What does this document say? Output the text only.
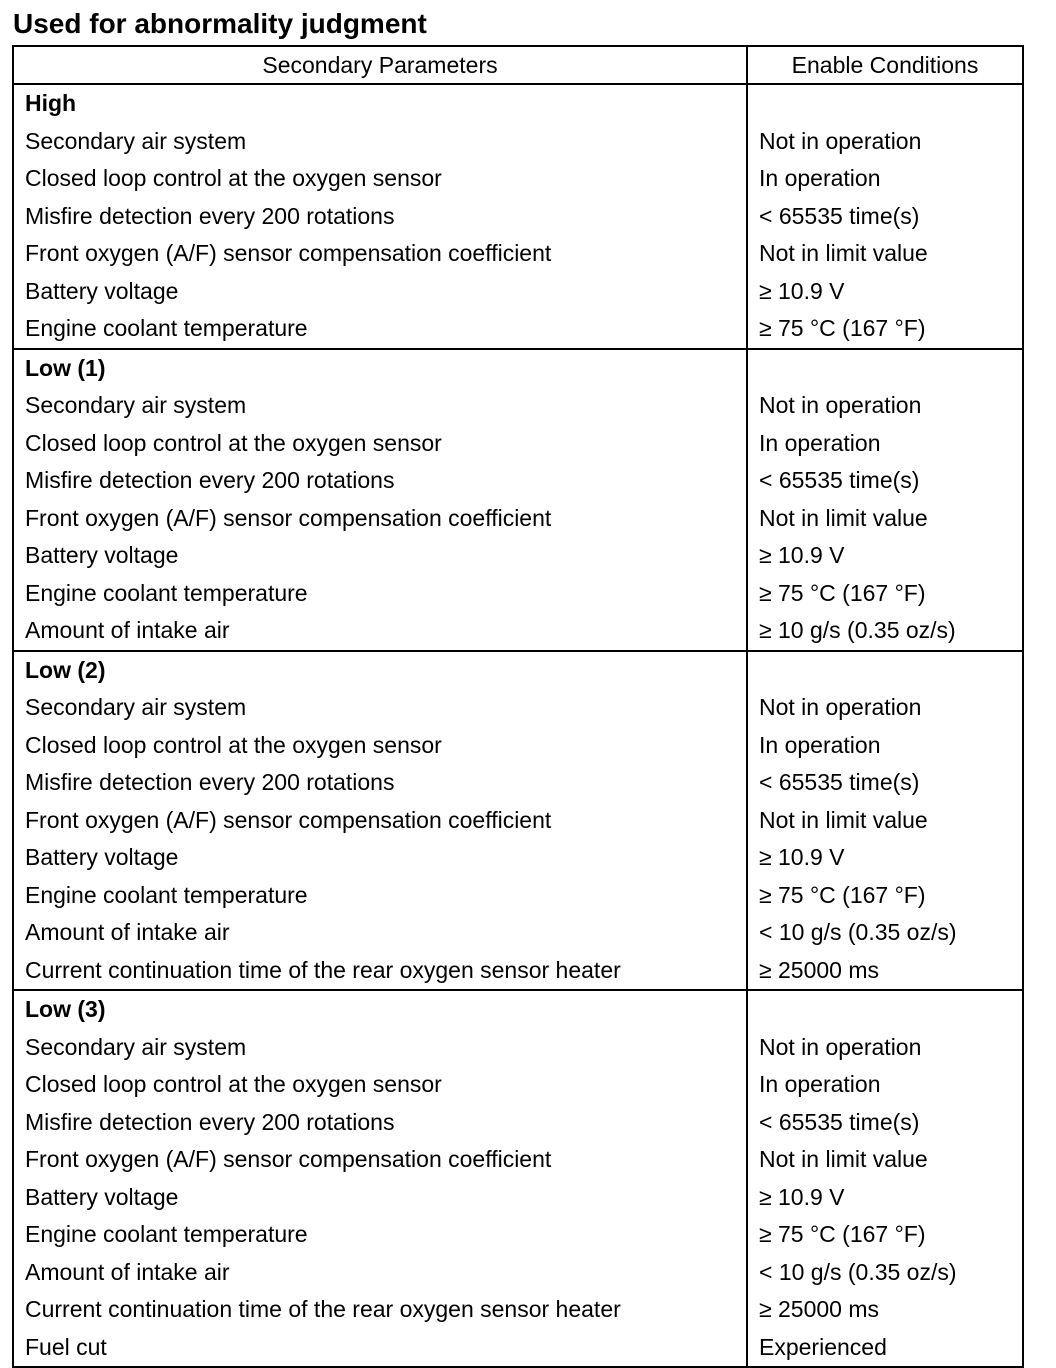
Used for abnormality judgment
Secondary Parameters	Enable Conditions
High	
Secondary air system	Not in operation
Closed loop control at the oxygen sensor	In operation
Misfire detection every 200 rotations	< 65535 time(s)
Front oxygen (A/F) sensor compensation coefficient	Not in limit value
Battery voltage	≥ 10.9 V
Engine coolant temperature	≥ 75 °C (167 °F)
Low (1)	
Secondary air system	Not in operation
Closed loop control at the oxygen sensor	In operation
Misfire detection every 200 rotations	< 65535 time(s)
Front oxygen (A/F) sensor compensation coefficient	Not in limit value
Battery voltage	≥ 10.9 V
Engine coolant temperature	≥ 75 °C (167 °F)
Amount of intake air	≥ 10 g/s (0.35 oz/s)
Low (2)	
Secondary air system	Not in operation
Closed loop control at the oxygen sensor	In operation
Misfire detection every 200 rotations	< 65535 time(s)
Front oxygen (A/F) sensor compensation coefficient	Not in limit value
Battery voltage	≥ 10.9 V
Engine coolant temperature	≥ 75 °C (167 °F)
Amount of intake air	< 10 g/s (0.35 oz/s)
Current continuation time of the rear oxygen sensor heater	≥ 25000 ms
Low (3)	
Secondary air system	Not in operation
Closed loop control at the oxygen sensor	In operation
Misfire detection every 200 rotations	< 65535 time(s)
Front oxygen (A/F) sensor compensation coefficient	Not in limit value
Battery voltage	≥ 10.9 V
Engine coolant temperature	≥ 75 °C (167 °F)
Amount of intake air	< 10 g/s (0.35 oz/s)
Current continuation time of the rear oxygen sensor heater	≥ 25000 ms
Fuel cut	Experienced
